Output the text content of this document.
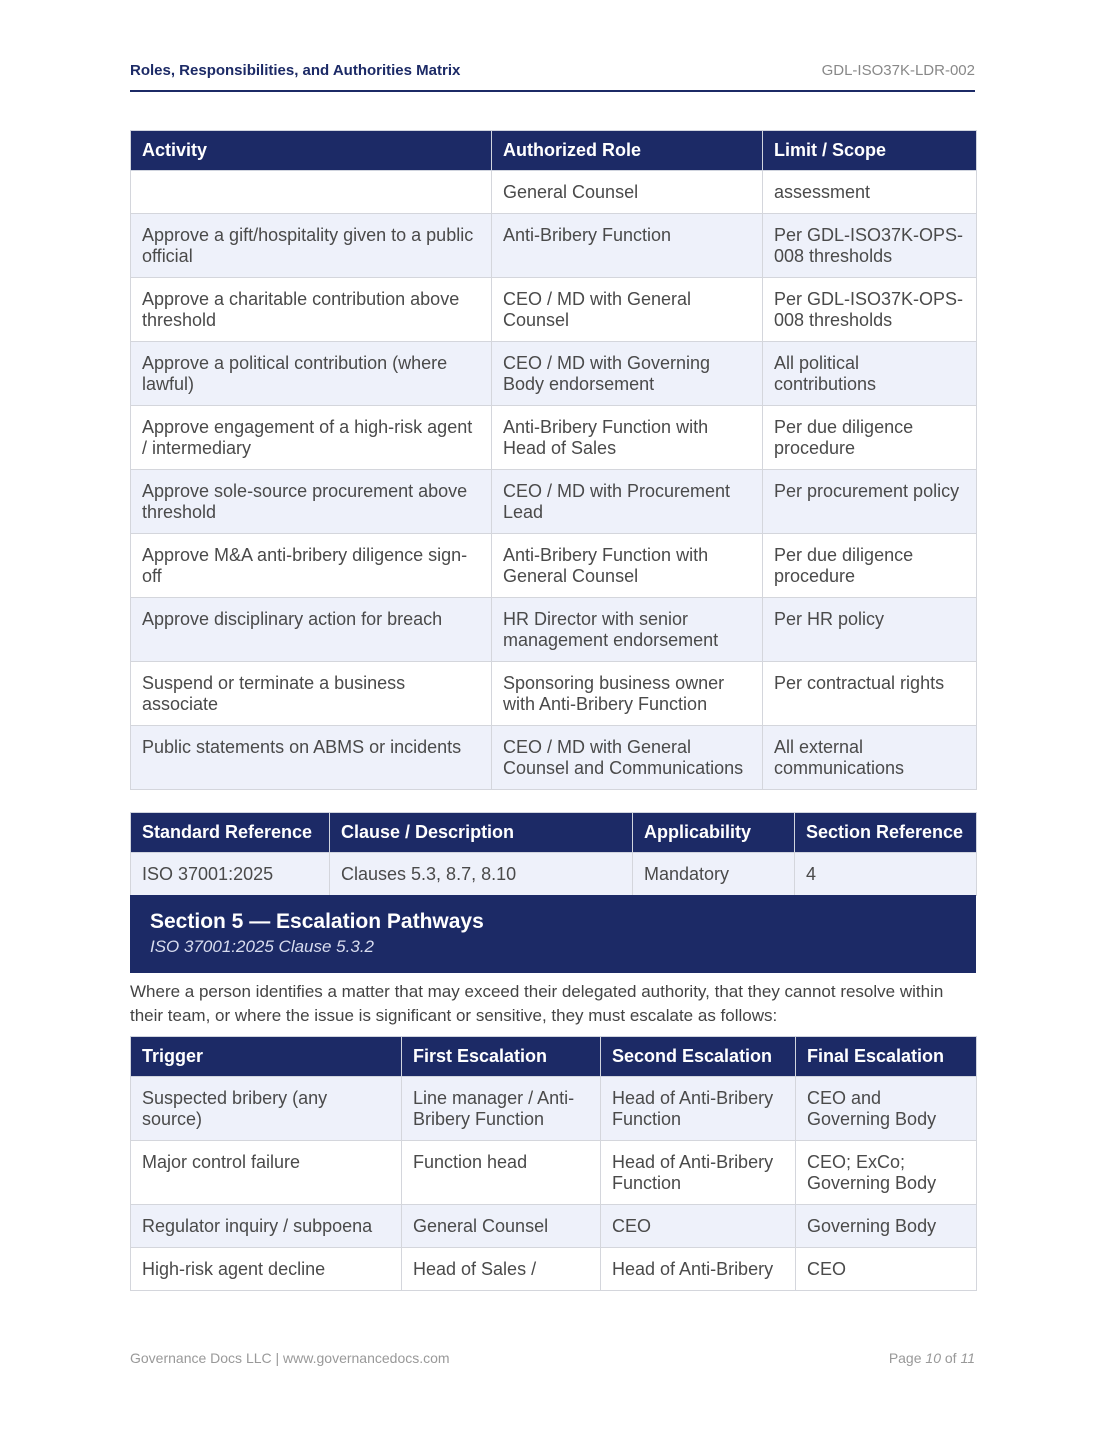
Roles, Responsibilities, and Authorities Matrix	GDL-ISO37K-LDR-002
Activity	Authorized Role	Limit / Scope
	General Counsel	assessment
Approve a gift/hospitality given to a public official	Anti-Bribery Function	Per GDL-ISO37K-OPS-008 thresholds
Approve a charitable contribution above threshold	CEO / MD with General Counsel	Per GDL-ISO37K-OPS-008 thresholds
Approve a political contribution (where lawful)	CEO / MD with Governing Body endorsement	All political contributions
Approve engagement of a high-risk agent / intermediary	Anti-Bribery Function with Head of Sales	Per due diligence procedure
Approve sole-source procurement above threshold	CEO / MD with Procurement Lead	Per procurement policy
Approve M&A anti-bribery diligence sign-off	Anti-Bribery Function with General Counsel	Per due diligence procedure
Approve disciplinary action for breach	HR Director with senior management endorsement	Per HR policy
Suspend or terminate a business associate	Sponsoring business owner with Anti-Bribery Function	Per contractual rights
Public statements on ABMS or incidents	CEO / MD with General Counsel and Communications	All external communications
Standard Reference	Clause / Description	Applicability	Section Reference
ISO 37001:2025	Clauses 5.3, 8.7, 8.10	Mandatory	4
Section 5 — Escalation Pathways
ISO 37001:2025 Clause 5.3.2

Where a person identifies a matter that may exceed their delegated authority, that they cannot resolve within their team, or where the issue is significant or sensitive, they must escalate as follows:

Trigger	First Escalation	Second Escalation	Final Escalation
Suspected bribery (any source)	Line manager / Anti-Bribery Function	Head of Anti-Bribery Function	CEO and Governing Body
Major control failure	Function head	Head of Anti-Bribery Function	CEO; ExCo; Governing Body
Regulator inquiry / subpoena	General Counsel	CEO	Governing Body
High-risk agent decline	Head of Sales /	Head of Anti-Bribery	CEO
Governance Docs LLC | www.governancedocs.com	Page 10 of 11
